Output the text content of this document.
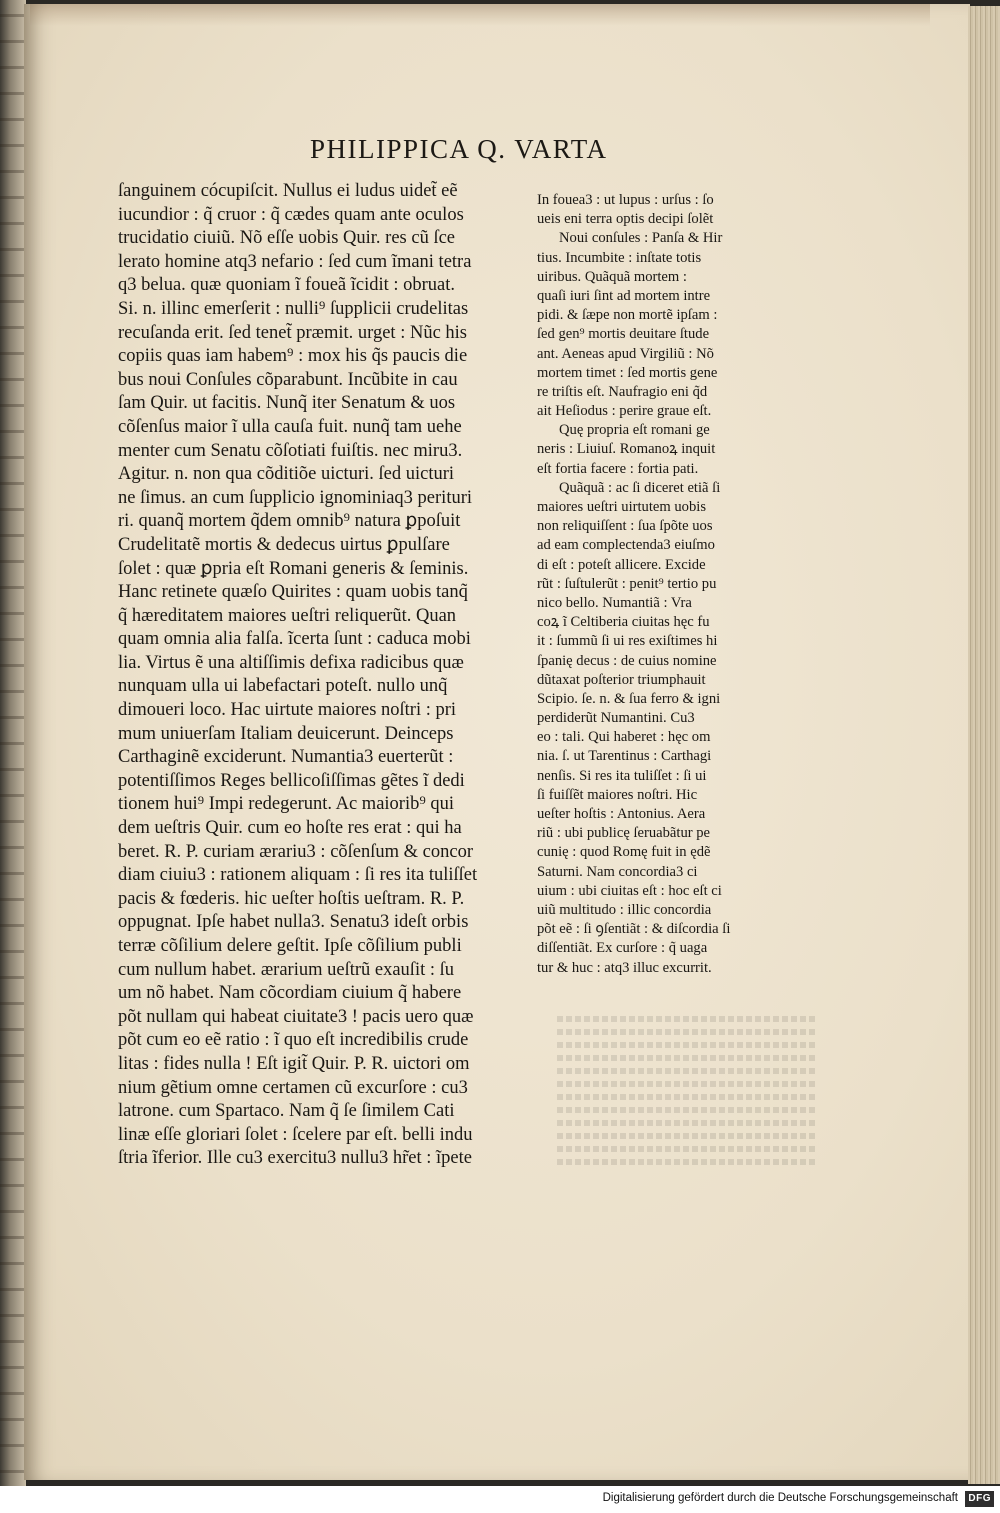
PHILIPPICA Q. VARTA
ſanguinem cócupiſcit. Nullus ei ludus uidet̃ eẽ
iucundior : q̃ cruor : q̃ cædes quam ante oculos
trucidatio ciuiũ. Nõ eſſe uobis Quir. res cũ ſce
lerato homine atq3 nefario : ſed cum ĩmani tetra
q3 belua. quæ quoniam ĩ foueã ĩcidit : obruat.
Si. n. illinc emerſerit : nulli⁹ ſupplicii crudelitas
recuſanda erit. ſed tenet̃ præmit. urget : Nũc his
copiis quas iam habem⁹ : mox his q̃s paucis die
bus noui Conſules cõparabunt. Incũbite in cau
ſam Quir. ut facitis. Nunq̃ iter Senatum & uos
cõſenſus maior ĩ ulla cauſa fuit. nunq̃ tam uehe
menter cum Senatu cõſotiati fuiſtis. nec miru3.
Agitur. n. non qua cõditiõe uicturi. ſed uicturi
ne ſimus. an cum ſupplicio ignominiaq3 perituri
ri. quanq̃ mortem q̃dem omnib⁹ natura ꝑpoſuit
Crudelitatẽ mortis & dedecus uirtus ꝑpulſare
ſolet : quæ ꝑpria eſt Romani generis & ſeminis.
Hanc retinete quæſo Quirites : quam uobis tanq̃
q̃ hæreditatem maiores ueſtri reliquerũt. Quan
quam omnia alia falſa. ĩcerta ſunt : caduca mobi
lia. Virtus ẽ una altiſſimis defixa radicibus quæ
nunquam ulla ui labefactari poteſt. nullo unq̃
dimoueri loco. Hac uirtute maiores noſtri : pri
mum uniuerſam Italiam deuicerunt. Deinceps
Carthaginẽ exciderunt. Numantia3 euerterũt :
potentiſſimos Reges bellicoſiſſimas gẽtes ĩ dedi
tionem hui⁹ Impi redegerunt. Ac maiorib⁹ qui
dem ueſtris Quir. cum eo hoſte res erat : qui ha
beret. R. P. curiam ærariu3 : cõſenſum & concor
diam ciuiu3 : rationem aliquam : ſi res ita tuliſſet
pacis & fœderis. hic ueſter hoſtis ueſtram. R. P.
oppugnat. Ipſe habet nulla3. Senatu3 ideſt orbis
terræ cõſilium delere geſtit. Ipſe cõſilium publi
cum nullum habet. ærarium ueſtrũ exauſit : ſu
um nõ habet. Nam cõcordiam ciuium q̃ habere
põt nullam qui habeat ciuitate3 ! pacis uero quæ
põt cum eo eẽ ratio : ĩ quo eſt incredibilis crude
litas : fides nulla ! Eſt igit̃ Quir. P. R. uictori om
nium gẽtium omne certamen cũ excurſore : cu3
latrone. cum Spartaco. Nam q̃ ſe ſimilem Cati
linæ eſſe gloriari ſolet : ſcelere par eſt. belli indu
ſtria ĩferior. Ille cu3 exercitu3 nullu3 hr̃et : ĩpete
In fouea3 : ut lupus : urſus : ſo
ueis eni terra optis decipi ſolẽt
Noui conſules : Panſa & Hir
tius. Incumbite : inſtate totis
uiribus. Quãquã mortem :
quaſi iuri ſint ad mortem intre
pidi. & ſæpe non mortẽ ipſam :
ſed gen⁹ mortis deuitare ſtude
ant. Aeneas apud Virgiliũ : Nõ
mortem timet : ſed mortis gene
re triſtis eſt. Naufragio eni q̃d
ait Heſiodus : perire graue eſt.
Quę propria eſt romani ge
neris : Liuiuſ. Romanoꝝ inquit
eſt fortia facere : fortia pati.
Quãquã : ac ſi diceret etiã ſi
maiores ueſtri uirtutem uobis
non reliquiſſent : ſua ſpõte uos
ad eam complectenda3 eiuſmo
di eſt : poteſt allicere. Excide
rũt : ſuſtulerũt : penit⁹ tertio pu
nico bello. Numantiã : Vra
coꝝ ĩ Celtiberia ciuitas hęc fu
it : ſummũ ſi ui res exiſtimes hi
ſpanię decus : de cuius nomine
dũtaxat poſterior triumphauit
Scipio. ſe. n. & ſua ferro & igni
perdiderũt Numantini. Cu3
eo : tali. Qui haberet : hęc om
nia. ſ. ut Tarentinus : Carthagi
nenſis. Si res ita tuliſſet : ſi ui
ſi fuiſſẽt maiores noſtri. Hic
ueſter hoſtis : Antonius. Aera
riũ : ubi publicę ſeruabãtur pe
cunię : quod Romę fuit in ędẽ
Saturni. Nam concordia3 ci
uium : ubi ciuitas eſt : hoc eſt ci
uiũ multitudo : illic concordia
põt eẽ : ſi ꝯſentiãt : & diſcordia ſi
diſſentiãt. Ex curſore : q̃ uaga
tur & huc : atq3 illuc excurrit.
Digitalisierung gefördert durch die Deutsche Forschungsgemeinschaft	DFG
